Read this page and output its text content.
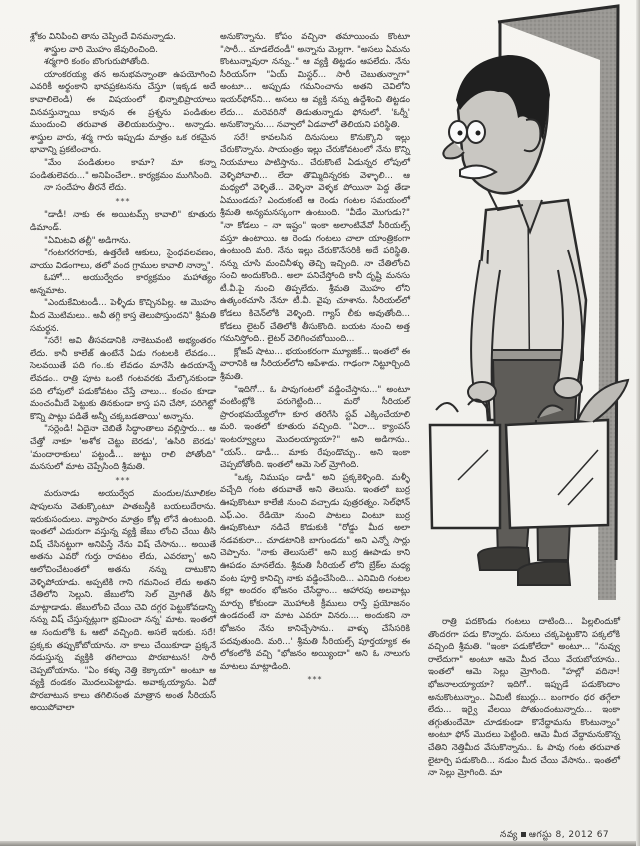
శ్లోకం వినిపించి తాను చెప్పిందే వినమన్నాడు.

శాస్త్రుల వారి మొహం జేవురించింది.

శర్మగారి కంఠం బొంగురుపోతోంది.

యాంకరయ్య తన అనుభవన్నాంతా ఉపయోగించి ఎవరికీ అర్థంకాని భావప్రకటనను చేస్తూ (ఇక్కడ అదే కావాలిలెండి) ఈ విషయంలో భిన్నాభిప్రాయాలు వినవస్తున్నాయి కావున ఈ ప్రశ్నను పండితుల ముందుంచి తరువాత తెలియబరుస్తాం.. అన్నాడు. శాస్త్రుల వారు, శర్మ గారు ఇప్పుడు మాత్రం ఒక రకమైన భావాన్ని ప్రకటించారు.

"మేం పండితులం కామా? మా కన్నా పండితులెవరు..." అనిపించేలా.. కార్యక్రమం ముగిసింది.

నా సందేహం తీరనే లేదు.

***

"డాడీ! నాకు ఈ అయిటమ్స్ కావాలి" కూతురు డిమాండ్.

"ఏమిటవి తల్లీ" అడిగాను.

"గంటగరగరాకు, ఉత్తరేణి ఆకులు, సైంధవలవణం, వాయు విడంగాలు, తలో వంద గ్రాముల కావాలి నాన్నా".

ఓహో... అయుర్వేదం కార్యక్రమం మహాత్యం అన్నమాట.

"ఎందుకేమిటండీ... పెళ్ళీడు కొచ్చినపిల్ల. ఆ మొహం మీద మొటిమలు.. అవీ తగ్గి కాస్త తెలుపొస్తుందని" శ్రీమతి సమర్థన.

"సరే! అవి తీసవడానికి నాకెటువంటి అభ్యంతరం లేదు. కానీ కాలేజ్ ఉంటేనే ఏడు గంటలకి లేవడం... సెలవయితే పది గం..కు లేవడం మానేసి ఉదయాన్నే లేవడం.. రాత్రి పూట ఒంటి గంటవరకు మేల్కొనకుండా పది లోపులో పడుకోవటం చేస్తే చాలు... కంచం కూడా మంచంమీదే పెట్టుకు తినకుండా కాస్త పని చేసో, పరిగెట్టో కొన్ని పాట్లు పడితే అన్నీ చక్కబడతాయి' అన్నాను.

"సర్లెండి! ఏదైనా చెబితే సిద్ధాంతాలు వల్లిస్తారు... ఆ చేత్తో నాకూ 'అశోక చెట్టు బెరడు', 'ఉసిరి బెరడు' 'మందారాకులు' పట్టండీ... జుట్టు రాలి పోతోంది" మనసులో మాట చెప్పేసింది శ్రీమతి.

***

మరునాడు అయుర్వేద మందుల/మూలికల షాపులను వెతుక్కొంటూ పాతబస్తీకి బయలుదేరాను. ఇరుకుసందులు. వ్యాపారం మాత్రం కోట్ల లోనే ఉంటుంది. ఇంతలో ఎదురుగా వస్తున్న వ్యక్తి జేబు లోంచి చేయి తీసి విష్ చేసినట్టుగా అనిపిస్తే నేను విష్ చేసాను... అయితే అతను ఎవరో గుర్తు రావటం లేదు, ఎవరబ్బా' అని ఆలోచించేటంతలో అతను నన్ను దాటుకొని వెళ్ళిపోయాడు. అప్పటికి గాని గమనించ లేదు అతని చేతిలోని సెల్లుని. జేబులోని సెల్ మ్రోగితే తీసి మాట్లాడాడు. జేబులోంచి చేయి చెవి దగ్గర పెట్టుకోవడాన్ని నన్ను విష్ చేస్తున్నట్లుగా భ్రమించా నన్న' మాట. ఇంతలో ఆ సందులోకి ఓ ఆటో వచ్చింది. అసలే ఇరుకు. సరే! ప్రక్కకు తప్పుకోబోయాను. నా కాలు చేయికూడా ప్రక్కనే నడుస్తున్న వ్యక్తికి తగిలాయి పొరబాటున! సారీ చెప్పబోయాను. "ఏం కళ్ళు నెత్తి కెక్కాయా" అంటూ ఆ వ్యక్తి దండకం మొదలుపెట్టాడు. అవాక్కయ్యాను. ఏదో పొరబాటున కాలు తగిలినంత మాత్రాన అంత సీరియస్ అయిపోవాలా

అనుకొన్నాను. కోపం వచ్చినా తమాయించు కొంటూ "సారీ... చూడలేదండీ" అన్నాను మెల్లగా. "అసలు ఏమను కొంటున్నావురా నన్ను.." ఆ వ్యక్తి తిట్టడం ఆపలేదు. నేను సీరియస్‌గా "ఏయ్ మిస్టర్... సారీ చెబుతున్నాగా" అంటూ... అప్పుడు గమనించాను అతని చెవిలోని ఇయర్‌ఫోన్‌ని... అసలు ఆ వ్యక్తి నన్ను ఉద్దేశించి తిట్టడం లేదు... మరెవరినో తిడుతున్నాడు ఫోనులో. 'ఓర్నీ' అనుకొన్నాను.... నవ్వాలో ఏడవాలో తెలియని పరిస్థితి.

సరే! కావలసిన దినుసులు కొనుక్కొని ఇల్లు చేరుకొన్నాను. సాయంత్రం ఇల్లు చేరుకోవటంలో నేను కొన్ని నియమాలు పాటిస్తాను.. చేరుకొంటే ఏడున్నర లోపులో వెళ్ళిపోవాలి... లేదా తొమ్మిదిన్నరకు వెళ్ళాలి... ఆ మధ్యలో వెళ్ళితే... వెళ్ళినా వెళ్ళక పోయినా పెద్ద తేడా ఏముండదు? ఎందుకంటే ఆ రెండు గంటల సమయంలో శ్రీమతి అన్యమనస్కంగా ఉంటుంది. "వీడేం మొగుడు?" "నా కోడలు – నా ఇష్టం" ఇంకా అలాంటివేవో సీరియల్స్ వస్తూ ఉంటాయి. ఆ రెండు గంటలు చాలా యాంత్రికంగా ఉంటుంది మరి. నేను ఇల్లు చేరుకొనేసరికి అదే పరిస్థితి. నన్ను చూసి మంచినీళ్ళు తెచ్చి ఇచ్చింది. నా చేతిలోంచి సంచి అందుకొంది.. అలా పనిచేస్తోంది కానీ దృష్టి మనసు టీ.వీ.పై నుంచి తిప్పలేదు. శ్రీమతి మొహం లోని ఉత్కంఠచూసి నేనూ టీ.వీ. వైపు చూశాను. సీరియల్‌లో కోడలు కిచెన్‌లోకి వెళ్ళింది. గ్యాస్ లీకు అవుతోంది... కోడలు లైటర్ చేతిలోకి తీసుకొంది. బయట నుంచి అత్త గమనిస్తోంది.. లైటర్ వెలిగించబోయింది...

క్లోజప్ షాటు... భయంకరంగా మ్యూజిక్... ఇంతలో ఈ వారానికి ఆ సీరియల్‌లోని ఆపేశాడు. గాఢంగా నిట్టూర్చింది శ్రీమతి.

"ఇదిగో... ఓ పావుగంటలో వడ్డించేస్తాను..." అంటూ వంటింట్లోకి పరుగెట్టింది... మరో సీరియల్ ప్రారంభమయ్యేలోగా కూర తరిగేసి స్టవ్ ఎక్కించేయాలి మరి. ఇంతలో కూతురు వచ్చింది. "ఏరా... క్యాంపస్ ఇంటర్వ్యూలు మొదలయ్యాయా?" అని అడిగాను.. "యస్.. డాడీ... మాకు రేపుండొచ్చు.. అని ఇంకా చెప్పబోతోంది. ఇంతలో ఆమె సెల్ మ్రోగింది.

"ఒక్క నిముషం డాడీ" అని ప్రక్కకెళ్ళింది. మళ్ళీ వచ్చేది గంట తరువాతే అని తెలుసు. ఇంతలో బుర్ర ఊపుకొంటూ కాలేజీ నుంచి వచ్చాడు పుత్రరత్నం. సెల్‌ఫోన్ ఎఫ్.ఎం. రేడియో నుంచి పాటలు వింటూ బుర్ర ఊపుకొంటూ నడిచే కొడుకుకి "రోడ్డు మీద అలా నడవకురా... చూడటానికి బాగుండదు" అని ఎన్నో సార్లు చెప్పాను. "నాకు తెలుసులే" అని బుర్ర ఊపాడు కాని ఊపడం మానలేదు. శ్రీమతి సీరియల్ లోని బ్రేక్‌ల మధ్య వంట పూర్తి కానిచ్చి నాకు వడ్డించేసింది... ఎనిమిది గంటల కల్లా అందరం భోజనం చేసేద్దాం... ఆహారపు అలవాట్లు మార్చు కోకుండా మొహాలకి క్రీములు రాస్తే ప్రయోజనం ఉండదంటే నా మాట ఎవరూ వినరు.... అందుకని నా భోజనం నేను కానిచ్చేసాను.. వాళ్ళు చేసేసరికి పదవుతుంది. మరి...' శ్రీమతి సీరియల్స్ పూర్తయ్యాక ఈ లోకంలోకి వచ్చి "భోజనం అయ్యిందా" అని ఓ నాలుగు మాటలు మాట్లాడింది.

***

రాత్రి పదకొండు గంటలు దాటింది... పిల్లలిందుకో తొందరగా పడు కొన్నారు. పనులు చక్కపెట్టుకొని పక్కలోకి వచ్చింది శ్రీమతి. "ఇంకా పడుకోలేదా" అంటూ... "నువ్వు రాలేదుగా" అంటూ ఆమె మీద చేయి వేయబోయాను.. ఇంతలో ఆమె సెల్లు మ్రోగింది. "హల్లో వదినా! భోజనాలయ్యాయా? ఇదిగో.. ఇప్పుడే పడుకొందాం అనుకొంటున్నాం.. ఏమిటీ కబుర్లు... బంగారం ధర తగ్గేలా లేదు... ఇర్వై వేలయి పోతుందంటున్నారు... ఇంకా తగ్గుతుందేమో చూడకుండా కొనేద్దామను కొంటున్నాం" అంటూ ఫోన్ మొదలు పెట్టింది. ఆమె మీద వేద్దామనుకొన్న చేతిని నెత్తిమీద వేసుకొన్నాను.. ఓ పావు గంట తరువాత లైటార్పి పడుకొంది... నడుం మీద చేయి వేసాను.. ఇంతలో నా సెల్లు మ్రోగింది. మా

నవ్య ఆగస్టు 8, 2012 67
